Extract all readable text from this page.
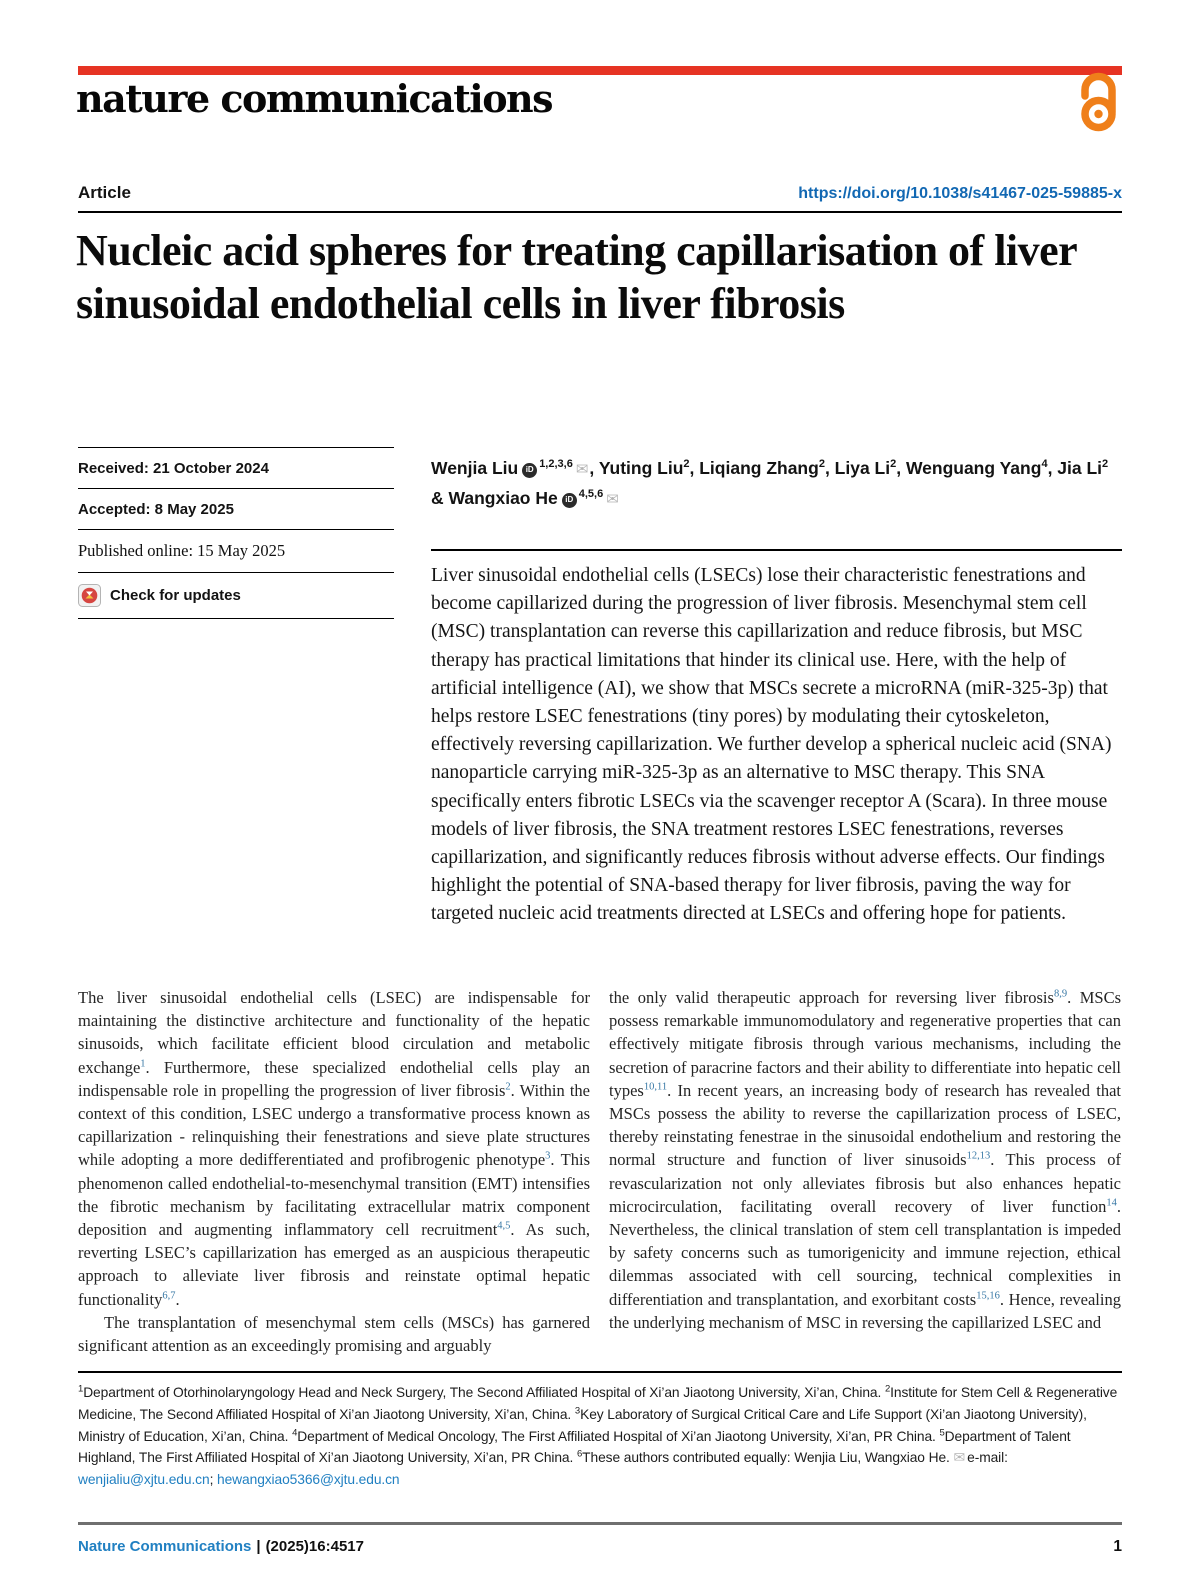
nature communications
Article	https://doi.org/10.1038/s41467-025-59885-x
Nucleic acid spheres for treating capillarisation of liver sinusoidal endothelial cells in liver fibrosis
Received: 21 October 2024
Accepted: 8 May 2025
Published online: 15 May 2025
Check for updates
Wenjia Liu iD $^{1,2,3,6}$ ✉, Yuting Liu$^2$, Liqiang Zhang$^2$, Liya Li$^2$, Wenguang Yang$^4$, Jia Li$^2$ & Wangxiao He iD $^{4,5,6}$ ✉

Liver sinusoidal endothelial cells (LSECs) lose their characteristic fenestrations and become capillarized during the progression of liver fibrosis. Mesenchymal stem cell (MSC) transplantation can reverse this capillarization and reduce fibrosis, but MSC therapy has practical limitations that hinder its clinical use. Here, with the help of artificial intelligence (AI), we show that MSCs secrete a microRNA (miR-325-3p) that helps restore LSEC fenestrations (tiny pores) by modulating their cytoskeleton, effectively reversing capillarization. We further develop a spherical nucleic acid (SNA) nanoparticle carrying miR-325-3p as an alternative to MSC therapy. This SNA specifically enters fibrotic LSECs via the scavenger receptor A (Scara). In three mouse models of liver fibrosis, the SNA treatment restores LSEC fenestrations, reverses capillarization, and significantly reduces fibrosis without adverse effects. Our findings highlight the potential of SNA-based therapy for liver fibrosis, paving the way for targeted nucleic acid treatments directed at LSECs and offering hope for patients.

The liver sinusoidal endothelial cells (LSEC) are indispensable for maintaining the distinctive architecture and functionality of the hepatic sinusoids, which facilitate efficient blood circulation and metabolic exchange$^1$. Furthermore, these specialized endothelial cells play an indispensable role in propelling the progression of liver fibrosis$^2$. Within the context of this condition, LSEC undergo a transformative process known as capillarization - relinquishing their fenestrations and sieve plate structures while adopting a more dedifferentiated and profibrogenic phenotype$^3$. This phenomenon called endothelial-to-mesenchymal transition (EMT) intensifies the fibrotic mechanism by facilitating extracellular matrix component deposition and augmenting inflammatory cell recruitment$^{4,5}$. As such, reverting LSEC’s capillarization has emerged as an auspicious therapeutic approach to alleviate liver fibrosis and reinstate optimal hepatic functionality$^{6,7}$.

The transplantation of mesenchymal stem cells (MSCs) has garnered significant attention as an exceedingly promising and arguably

the only valid therapeutic approach for reversing liver fibrosis$^{8,9}$. MSCs possess remarkable immunomodulatory and regenerative properties that can effectively mitigate fibrosis through various mechanisms, including the secretion of paracrine factors and their ability to differentiate into hepatic cell types$^{10,11}$. In recent years, an increasing body of research has revealed that MSCs possess the ability to reverse the capillarization process of LSEC, thereby reinstating fenestrae in the sinusoidal endothelium and restoring the normal structure and function of liver sinusoids$^{12,13}$. This process of revascularization not only alleviates fibrosis but also enhances hepatic microcirculation, facilitating overall recovery of liver function$^{14}$. Nevertheless, the clinical translation of stem cell transplantation is impeded by safety concerns such as tumorigenicity and immune rejection, ethical dilemmas associated with cell sourcing, technical complexities in differentiation and transplantation, and exorbitant costs$^{15,16}$. Hence, revealing the underlying mechanism of MSC in reversing the capillarized LSEC and

$^1$Department of Otorhinolaryngology Head and Neck Surgery, The Second Affiliated Hospital of Xi’an Jiaotong University, Xi’an, China. $^2$Institute for Stem Cell & Regenerative Medicine, The Second Affiliated Hospital of Xi’an Jiaotong University, Xi’an, China. $^3$Key Laboratory of Surgical Critical Care and Life Support (Xi’an Jiaotong University), Ministry of Education, Xi’an, China. $^4$Department of Medical Oncology, The First Affiliated Hospital of Xi’an Jiaotong University, Xi’an, PR China. $^5$Department of Talent Highland, The First Affiliated Hospital of Xi’an Jiaotong University, Xi’an, PR China. $^6$These authors contributed equally: Wenjia Liu, Wangxiao He. ✉ e-mail: wenjialiu@xjtu.edu.cn; hewangxiao5366@xjtu.edu.cn
Nature Communications | (2025)16:4517	1
